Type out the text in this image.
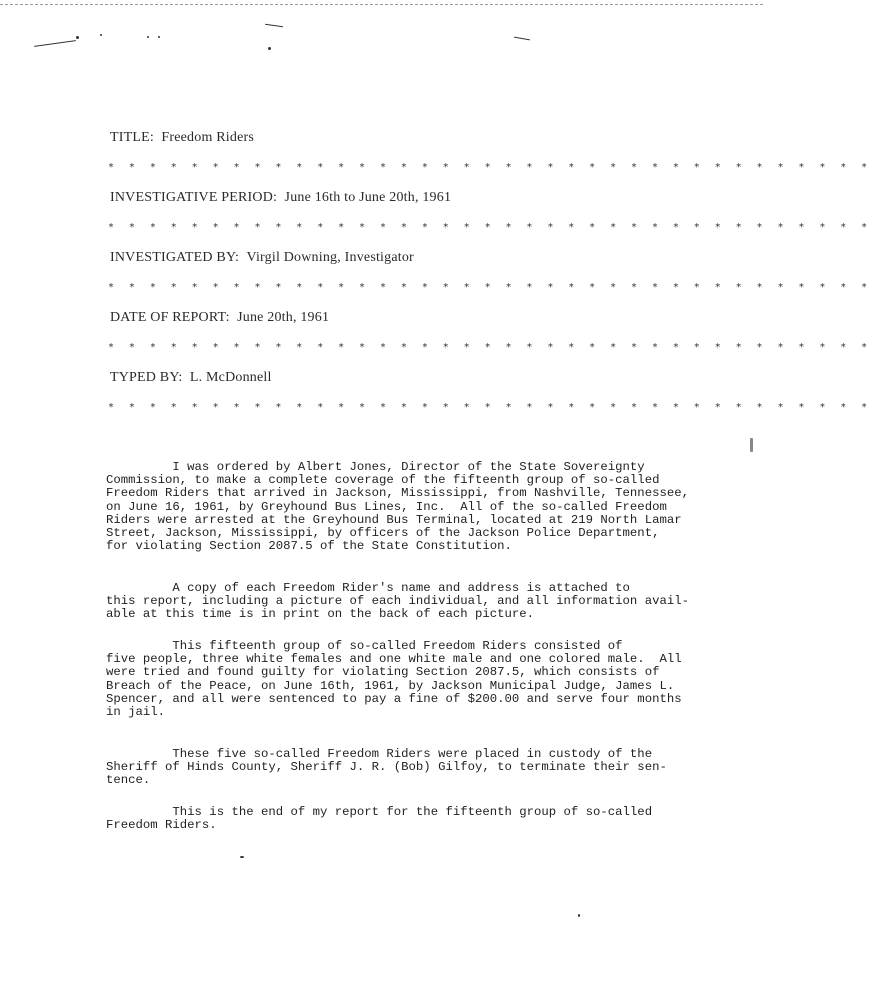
TITLE: Freedom Riders
* * * * * * * * * * * * * * * * * * * * * * * * * * * * * * * * * * * * *
INVESTIGATIVE PERIOD: June 16th to June 20th, 1961
* * * * * * * * * * * * * * * * * * * * * * * * * * * * * * * * * * * * *
INVESTIGATED BY: Virgil Downing, Investigator
* * * * * * * * * * * * * * * * * * * * * * * * * * * * * * * * * * * * *
DATE OF REPORT: June 20th, 1961
* * * * * * * * * * * * * * * * * * * * * * * * * * * * * * * * * * * * *
TYPED BY: L. McDonnell
* * * * * * * * * * * * * * * * * * * * * * * * * * * * * * * * * * * * *
I was ordered by Albert Jones, Director of the State Sovereignty
Commission, to make a complete coverage of the fifteenth group of so-called
Freedom Riders that arrived in Jackson, Mississippi, from Nashville, Tennessee,
on June 16, 1961, by Greyhound Bus Lines, Inc.  All of the so-called Freedom
Riders were arrested at the Greyhound Bus Terminal, located at 219 North Lamar
Street, Jackson, Mississippi, by officers of the Jackson Police Department,
for violating Section 2087.5 of the State Constitution.
A copy of each Freedom Rider's name and address is attached to
this report, including a picture of each individual, and all information avail-
able at this time is in print on the back of each picture.
This fifteenth group of so-called Freedom Riders consisted of
five people, three white females and one white male and one colored male.  All
were tried and found guilty for violating Section 2087.5, which consists of
Breach of the Peace, on June 16th, 1961, by Jackson Municipal Judge, James L.
Spencer, and all were sentenced to pay a fine of $200.00 and serve four months
in jail.
These five so-called Freedom Riders were placed in custody of the
Sheriff of Hinds County, Sheriff J. R. (Bob) Gilfoy, to terminate their sen-
tence.
This is the end of my report for the fifteenth group of so-called
Freedom Riders.
